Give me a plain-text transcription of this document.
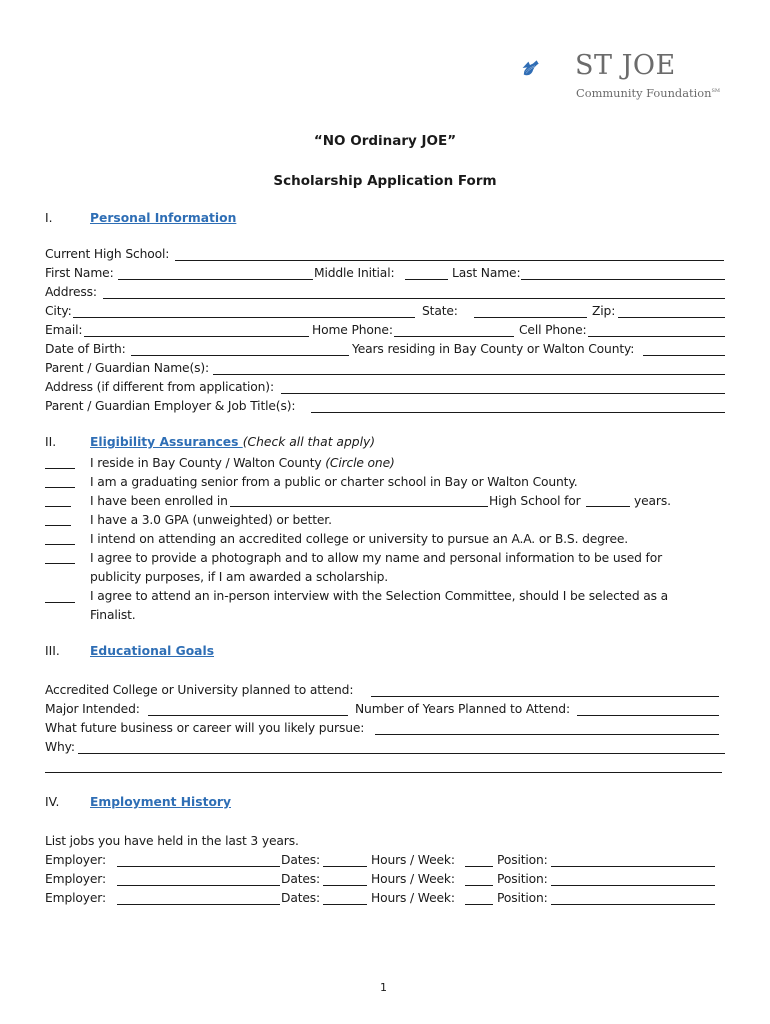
ST JOE
Community Foundation℠
“NO Ordinary JOE”
Scholarship Application Form
I.	Personal Information
Current High School:
First Name:	Middle Initial:	Last Name:
Address:
City:	State:	Zip:
Email:	Home Phone:	Cell Phone:
Date of Birth:	Years residing in Bay County or Walton County:
Parent / Guardian Name(s):
Address (if different from application):
Parent / Guardian Employer & Job Title(s):
II.	Eligibility Assurances (Check all that apply)
I reside in Bay County / Walton County (Circle one)
I am a graduating senior from a public or charter school in Bay or Walton County.
I have been enrolled in	High School for	years.
I have a 3.0 GPA (unweighted) or better.
I intend on attending an accredited college or university to pursue an A.A. or B.S. degree.
I agree to provide a photograph and to allow my name and personal information to be used for
publicity purposes, if I am awarded a scholarship.
I agree to attend an in-person interview with the Selection Committee, should I be selected as a
Finalist.
III. Educational Goals
Accredited College or University planned to attend:
Major Intended:	Number of Years Planned to Attend:
What future business or career will you likely pursue:
Why:
IV. Employment History
List jobs you have held in the last 3 years.
Employer:	Dates:	Hours / Week:	Position:
Employer:	Dates:	Hours / Week:	Position:
Employer:	Dates:	Hours / Week:	Position:
1
